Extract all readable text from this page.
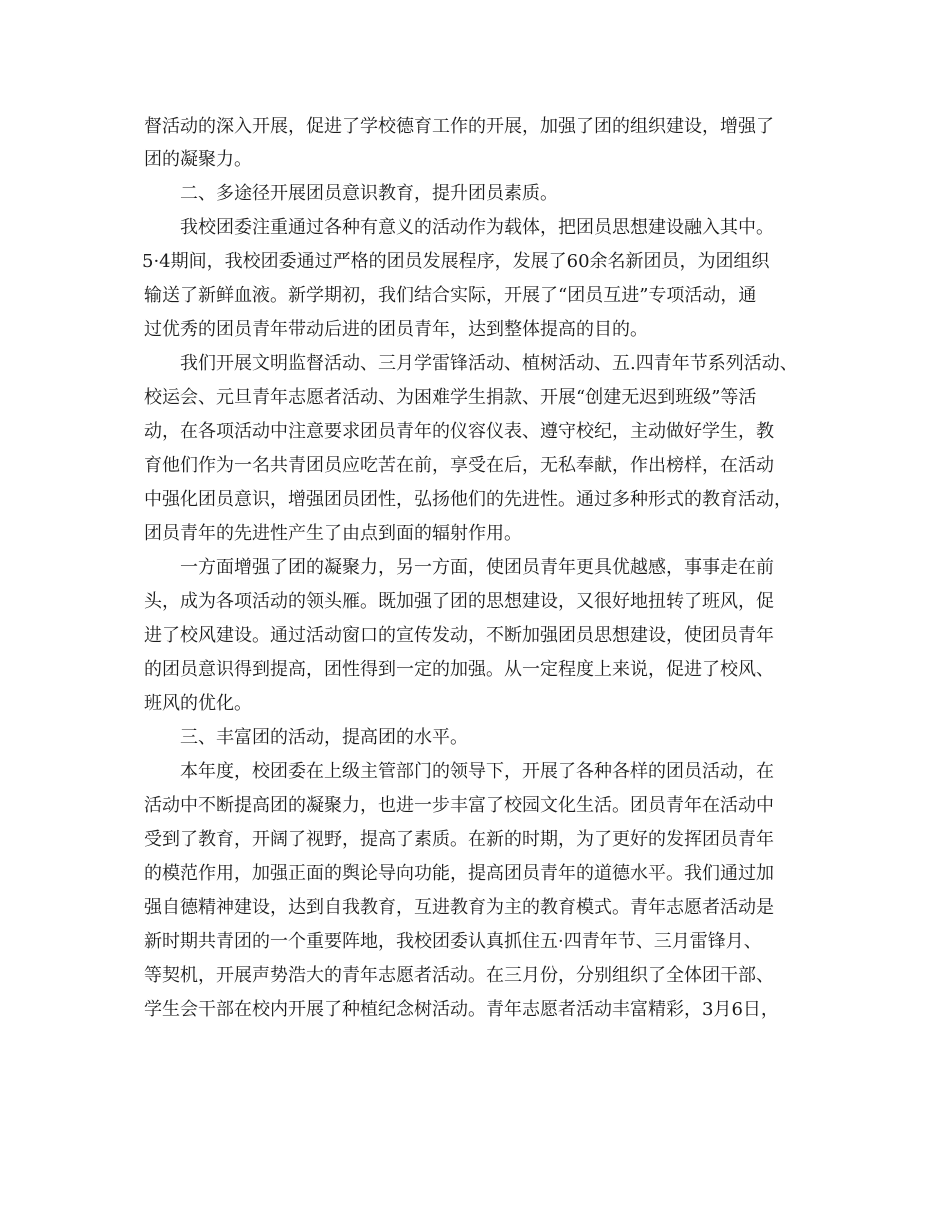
督活动的深入开展，促进了学校德育工作的开展，加强了团的组织建设，增强了
团的凝聚力。
二、多途径开展团员意识教育，提升团员素质。
我校团委注重通过各种有意义的活动作为载体，把团员思想建设融入其中。
5·4期间，我校团委通过严格的团员发展程序，发展了60余名新团员，为团组织
输送了新鲜血液。新学期初，我们结合实际，开展了“团员互进”专项活动，通
过优秀的团员青年带动后进的团员青年，达到整体提高的目的。
我们开展文明监督活动、三月学雷锋活动、植树活动、五.四青年节系列活动、
校运会、元旦青年志愿者活动、为困难学生捐款、开展“创建无迟到班级”等活
动，在各项活动中注意要求团员青年的仪容仪表、遵守校纪，主动做好学生，教
育他们作为一名共青团员应吃苦在前，享受在后，无私奉献，作出榜样，在活动
中强化团员意识，增强团员团性，弘扬他们的先进性。通过多种形式的教育活动，
团员青年的先进性产生了由点到面的辐射作用。
一方面增强了团的凝聚力，另一方面，使团员青年更具优越感，事事走在前
头，成为各项活动的领头雁。既加强了团的思想建设，又很好地扭转了班风，促
进了校风建设。通过活动窗口的宣传发动，不断加强团员思想建设，使团员青年
的团员意识得到提高，团性得到一定的加强。从一定程度上来说，促进了校风、
班风的优化。
三、丰富团的活动，提高团的水平。
本年度，校团委在上级主管部门的领导下，开展了各种各样的团员活动，在
活动中不断提高团的凝聚力，也进一步丰富了校园文化生活。团员青年在活动中
受到了教育，开阔了视野，提高了素质。在新的时期，为了更好的发挥团员青年
的模范作用，加强正面的舆论导向功能，提高团员青年的道德水平。我们通过加
强自德精神建设，达到自我教育，互进教育为主的教育模式。青年志愿者活动是
新时期共青团的一个重要阵地，我校团委认真抓住五·四青年节、三月雷锋月、
等契机，开展声势浩大的青年志愿者活动。在三月份，分别组织了全体团干部、
学生会干部在校内开展了种植纪念树活动。青年志愿者活动丰富精彩，3月6日，
